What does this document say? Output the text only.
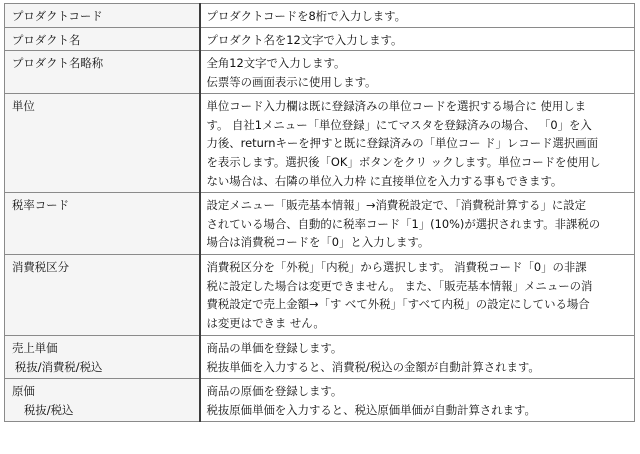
プロダクトコード	プロダクトコードを8桁で入力します。

プロダクト名	プロダクト名を12文字で入力します。

プロダクト名略称	全角12文字で入力します。
伝票等の画面表示に使用します。

単位	単位コード入力欄は既に登録済みの単位コードを選択する場合に 使用しま
す。 自社1メニュー「単位登録」にてマスタを登録済みの場合、 「0」を入
力後、returnキーを押すと既に登録済みの「単位コー ド」レコード選択画面
を表示します。選択後「OK」ボタンをクリ ックします。単位コードを使用し
ない場合は、右隣の単位入力枠 に直接単位を入力する事もできます。

税率コード	設定メニュー「販売基本情報」→消費税設定で、「消費税計算する」に設定
されている場合、自動的に税率コード「1」(10%)が選択されます。非課税の
場合は消費税コードを「0」と入力します。

消費税区分	消費税区分を「外税」「内税」から選択します。 消費税コード「0」の非課
税に設定した場合は変更できません。 また、「販売基本情報」メニューの消
費税設定で売上金額→「す べて外税」「すべて内税」の設定にしている場合
は変更はできま せん。

売上単価
税抜/消費税/税込	商品の単価を登録します。
税抜単価を入力すると、消費税/税込の金額が自動計算されます。

原価
税抜/税込	商品の原価を登録します。
税抜原価単価を入力すると、税込原価単価が自動計算されます。
